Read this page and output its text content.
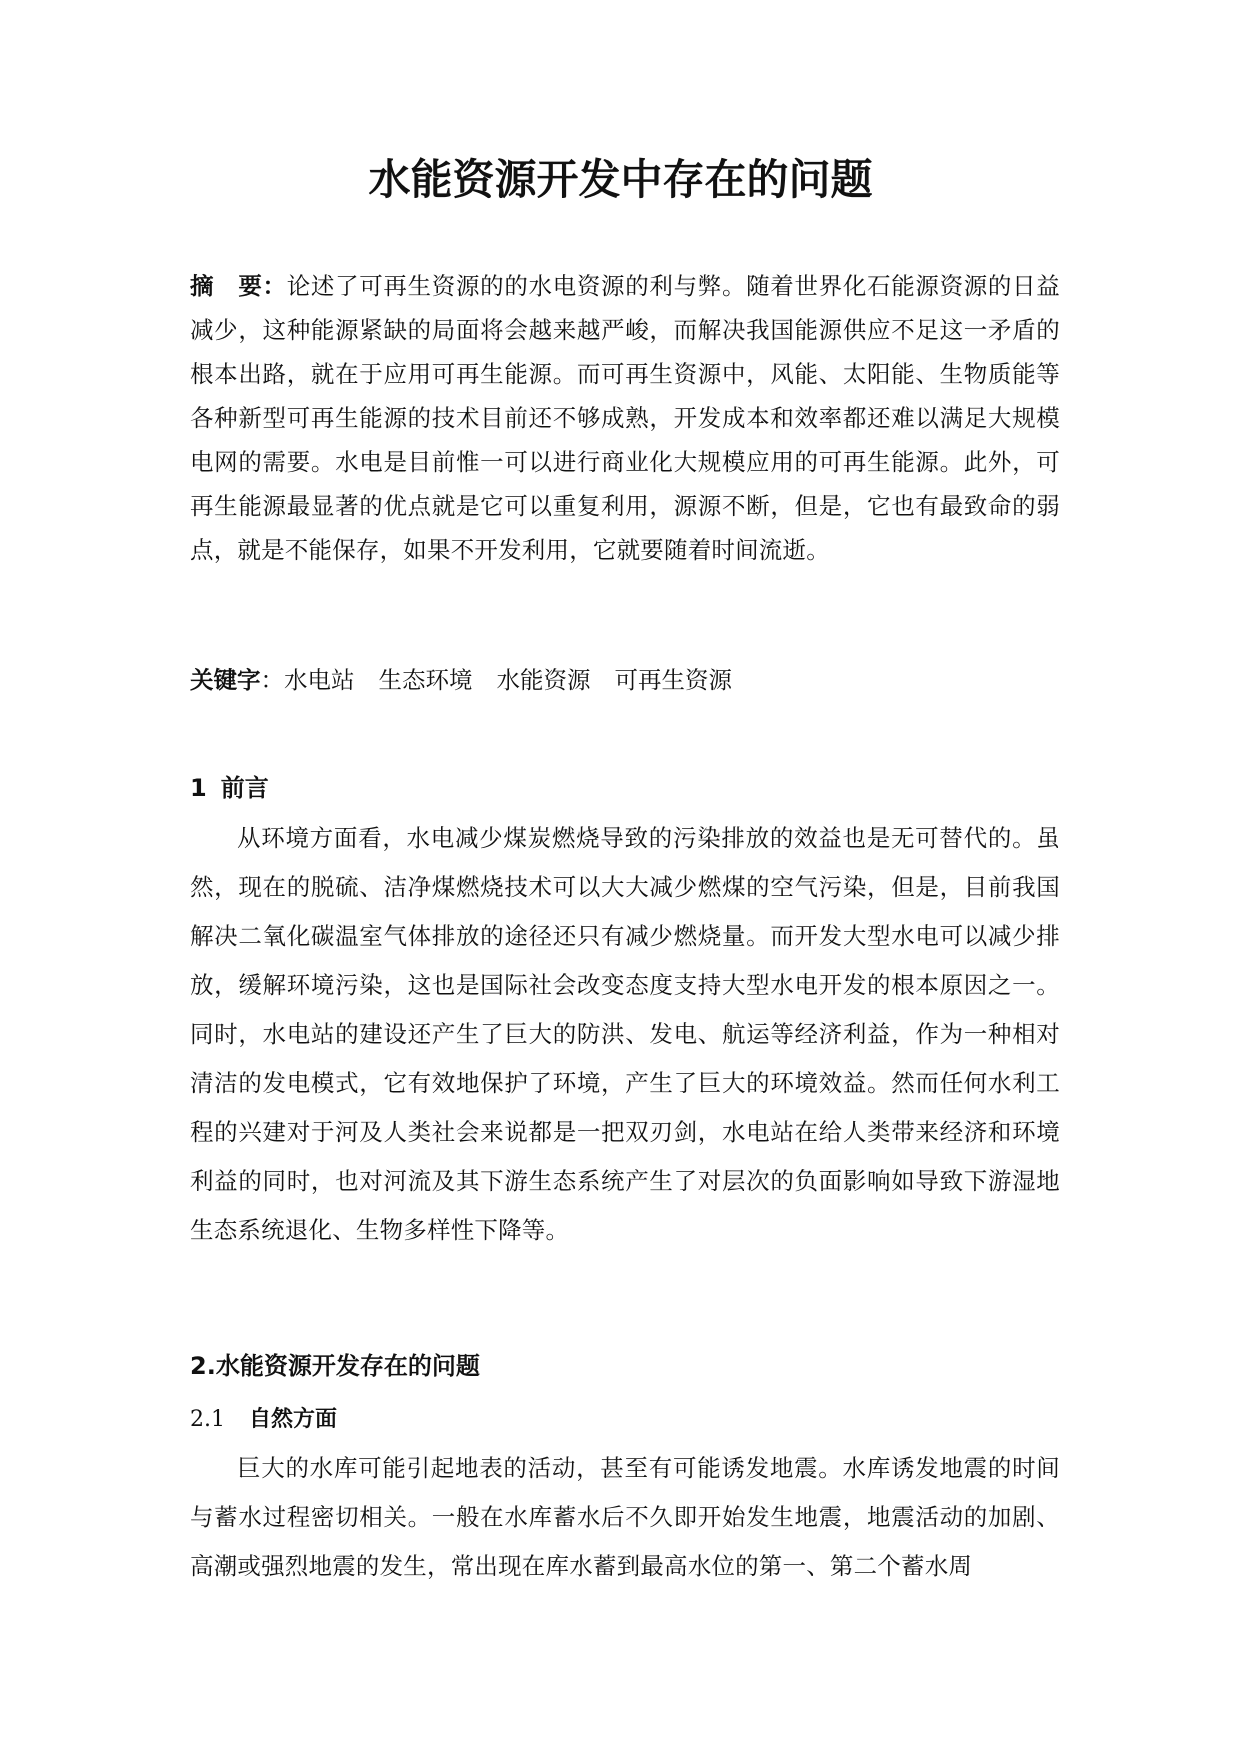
水能资源开发中存在的问题
摘　要：论述了可再生资源的的水电资源的利与弊。随着世界化石能源资源的日益减少，这种能源紧缺的局面将会越来越严峻，而解决我国能源供应不足这一矛盾的根本出路，就在于应用可再生能源。而可再生资源中，风能、太阳能、生物质能等各种新型可再生能源的技术目前还不够成熟，开发成本和效率都还难以满足大规模电网的需要。水电是目前惟一可以进行商业化大规模应用的可再生能源。此外，可再生能源最显著的优点就是它可以重复利用，源源不断，但是，它也有最致命的弱点，就是不能保存，如果不开发利用，它就要随着时间流逝。
关键字：水电站 生态环境 水能资源 可再生资源
1 前言
从环境方面看，水电减少煤炭燃烧导致的污染排放的效益也是无可替代的。虽然，现在的脱硫、洁净煤燃烧技术可以大大减少燃煤的空气污染，但是，目前我国解决二氧化碳温室气体排放的途径还只有减少燃烧量。而开发大型水电可以减少排放，缓解环境污染，这也是国际社会改变态度支持大型水电开发的根本原因之一。同时，水电站的建设还产生了巨大的防洪、发电、航运等经济利益，作为一种相对清洁的发电模式，它有效地保护了环境，产生了巨大的环境效益。然而任何水利工程的兴建对于河及人类社会来说都是一把双刃剑，水电站在给人类带来经济和环境利益的同时，也对河流及其下游生态系统产生了对层次的负面影响如导致下游湿地生态系统退化、生物多样性下降等。
2.水能资源开发存在的问题
2.1 自然方面
巨大的水库可能引起地表的活动，甚至有可能诱发地震。水库诱发地震的时间与蓄水过程密切相关。一般在水库蓄水后不久即开始发生地震，地震活动的加剧、高潮或强烈地震的发生，常出现在库水蓄到最高水位的第一、第二个蓄水周
